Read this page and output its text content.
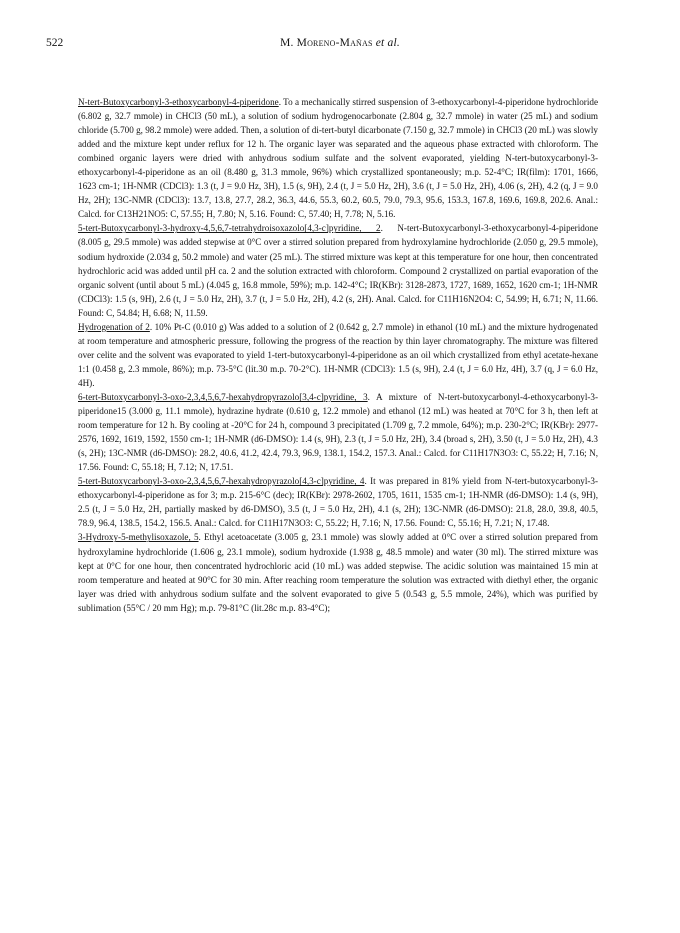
522	M. Moreno-Mañas et al.

N-tert-Butoxycarbonyl-3-ethoxycarbonyl-4-piperidone. To a mechanically stirred suspension of 3-ethoxycarbonyl-4-piperidone hydrochloride (6.802 g, 32.7 mmole) in CHCl3 (50 mL), a solution of sodium hydrogenocarbonate (2.804 g, 32.7 mmole) in water (25 mL) and sodium chloride (5.700 g, 98.2 mmole) were added. Then, a solution of di-tert-butyl dicarbonate (7.150 g, 32.7 mmole) in CHCl3 (20 mL) was slowly added and the mixture kept under reflux for 12 h. The organic layer was separated and the aqueous phase extracted with chloroform. The combined organic layers were dried with anhydrous sodium sulfate and the solvent evaporated, yielding N-tert-butoxycarbonyl-3-ethoxycarbonyl-4-piperidone as an oil (8.480 g, 31.3 mmole, 96%) which crystallized spontaneously; m.p. 52-4°C; IR(film): 1701, 1666, 1623 cm-1; 1H-NMR (CDCl3): 1.3 (t, J = 9.0 Hz, 3H), 1.5 (s, 9H), 2.4 (t, J = 5.0 Hz, 2H), 3.6 (t, J = 5.0 Hz, 2H), 4.06 (s, 2H), 4.2 (q, J = 9.0 Hz, 2H); 13C-NMR (CDCl3): 13.7, 13.8, 27.7, 28.2, 36.3, 44.6, 55.3, 60.2, 60.5, 79.0, 79.3, 95.6, 153.3, 167.8, 169.6, 169.8, 202.6. Anal.: Calcd. for C13H21NO5: C, 57.55; H, 7.80; N, 5.16. Found: C, 57.40; H, 7.78; N, 5.16.

5-tert-Butoxycarbonyl-3-hydroxy-4,5,6,7-tetrahydroisoxazolo[4,3-c]pyridine, 2. N-tert-Butoxycarbonyl-3-ethoxycarbonyl-4-piperidone (8.005 g, 29.5 mmole) was added stepwise at 0°C over a stirred solution prepared from hydroxylamine hydrochloride (2.050 g, 29.5 mmole), sodium hydroxide (2.034 g, 50.2 mmole) and water (25 mL). The stirred mixture was kept at this temperature for one hour, then concentrated hydrochloric acid was added until pH ca. 2 and the solution extracted with chloroform. Compound 2 crystallized on partial evaporation of the organic solvent (until about 5 mL) (4.045 g, 16.8 mmole, 59%); m.p. 142-4°C; IR(KBr): 3128-2873, 1727, 1689, 1652, 1620 cm-1; 1H-NMR (CDCl3): 1.5 (s, 9H), 2.6 (t, J = 5.0 Hz, 2H), 3.7 (t, J = 5.0 Hz, 2H), 4.2 (s, 2H). Anal. Calcd. for C11H16N2O4: C, 54.99; H, 6.71; N, 11.66. Found: C, 54.84; H, 6.68; N, 11.59.

Hydrogenation of 2. 10% Pt-C (0.010 g) Was added to a solution of 2 (0.642 g, 2.7 mmole) in ethanol (10 mL) and the mixture hydrogenated at room temperature and atmospheric pressure, following the progress of the reaction by thin layer chromatography. The mixture was filtered over celite and the solvent was evaporated to yield 1-tert-butoxycarbonyl-4-piperidone as an oil which crystallized from ethyl acetate-hexane 1:1 (0.458 g, 2.3 mmole, 86%); m.p. 73-5°C (lit.30 m.p. 70-2°C). 1H-NMR (CDCl3): 1.5 (s, 9H), 2.4 (t, J = 6.0 Hz, 4H), 3.7 (q, J = 6.0 Hz, 4H).

6-tert-Butoxycarbonyl-3-oxo-2,3,4,5,6,7-hexahydropyrazolo[3,4-c]pyridine, 3. A mixture of N-tert-butoxycarbonyl-4-ethoxycarbonyl-3-piperidone15 (3.000 g, 11.1 mmole), hydrazine hydrate (0.610 g, 12.2 mmole) and ethanol (12 mL) was heated at 70°C for 3 h, then left at room temperature for 12 h. By cooling at -20°C for 24 h, compound 3 precipitated (1.709 g, 7.2 mmole, 64%); m.p. 230-2°C; IR(KBr): 2977-2576, 1692, 1619, 1592, 1550 cm-1; 1H-NMR (d6-DMSO): 1.4 (s, 9H), 2.3 (t, J = 5.0 Hz, 2H), 3.4 (broad s, 2H), 3.50 (t, J = 5.0 Hz, 2H), 4.3 (s, 2H); 13C-NMR (d6-DMSO): 28.2, 40.6, 41.2, 42.4, 79.3, 96.9, 138.1, 154.2, 157.3. Anal.: Calcd. for C11H17N3O3: C, 55.22; H, 7.16; N, 17.56. Found: C, 55.18; H, 7.12; N, 17.51.

5-tert-Butoxycarbonyl-3-oxo-2,3,4,5,6,7-hexahydropyrazolo[4,3-c]pyridine, 4. It was prepared in 81% yield from N-tert-butoxycarbonyl-3-ethoxycarbonyl-4-piperidone as for 3; m.p. 215-6°C (dec); IR(KBr): 2978-2602, 1705, 1611, 1535 cm-1; 1H-NMR (d6-DMSO): 1.4 (s, 9H), 2.5 (t, J = 5.0 Hz, 2H, partially masked by d6-DMSO), 3.5 (t, J = 5.0 Hz, 2H), 4.1 (s, 2H); 13C-NMR (d6-DMSO): 21.8, 28.0, 39.8, 40.5, 78.9, 96.4, 138.5, 154.2, 156.5. Anal.: Calcd. for C11H17N3O3: C, 55.22; H, 7.16; N, 17.56. Found: C, 55.16; H, 7.21; N, 17.48.

3-Hydroxy-5-methylisoxazole, 5. Ethyl acetoacetate (3.005 g, 23.1 mmole) was slowly added at 0°C over a stirred solution prepared from hydroxylamine hydrochloride (1.606 g, 23.1 mmole), sodium hydroxide (1.938 g, 48.5 mmole) and water (30 ml). The stirred mixture was kept at 0°C for one hour, then concentrated hydrochloric acid (10 mL) was added stepwise. The acidic solution was maintained 15 min at room temperature and heated at 90°C for 30 min. After reaching room temperature the solution was extracted with diethyl ether, the organic layer was dried with anhydrous sodium sulfate and the solvent evaporated to give 5 (0.543 g, 5.5 mmole, 24%), which was purified by sublimation (55°C / 20 mm Hg); m.p. 79-81°C (lit.28c m.p. 83-4°C);
